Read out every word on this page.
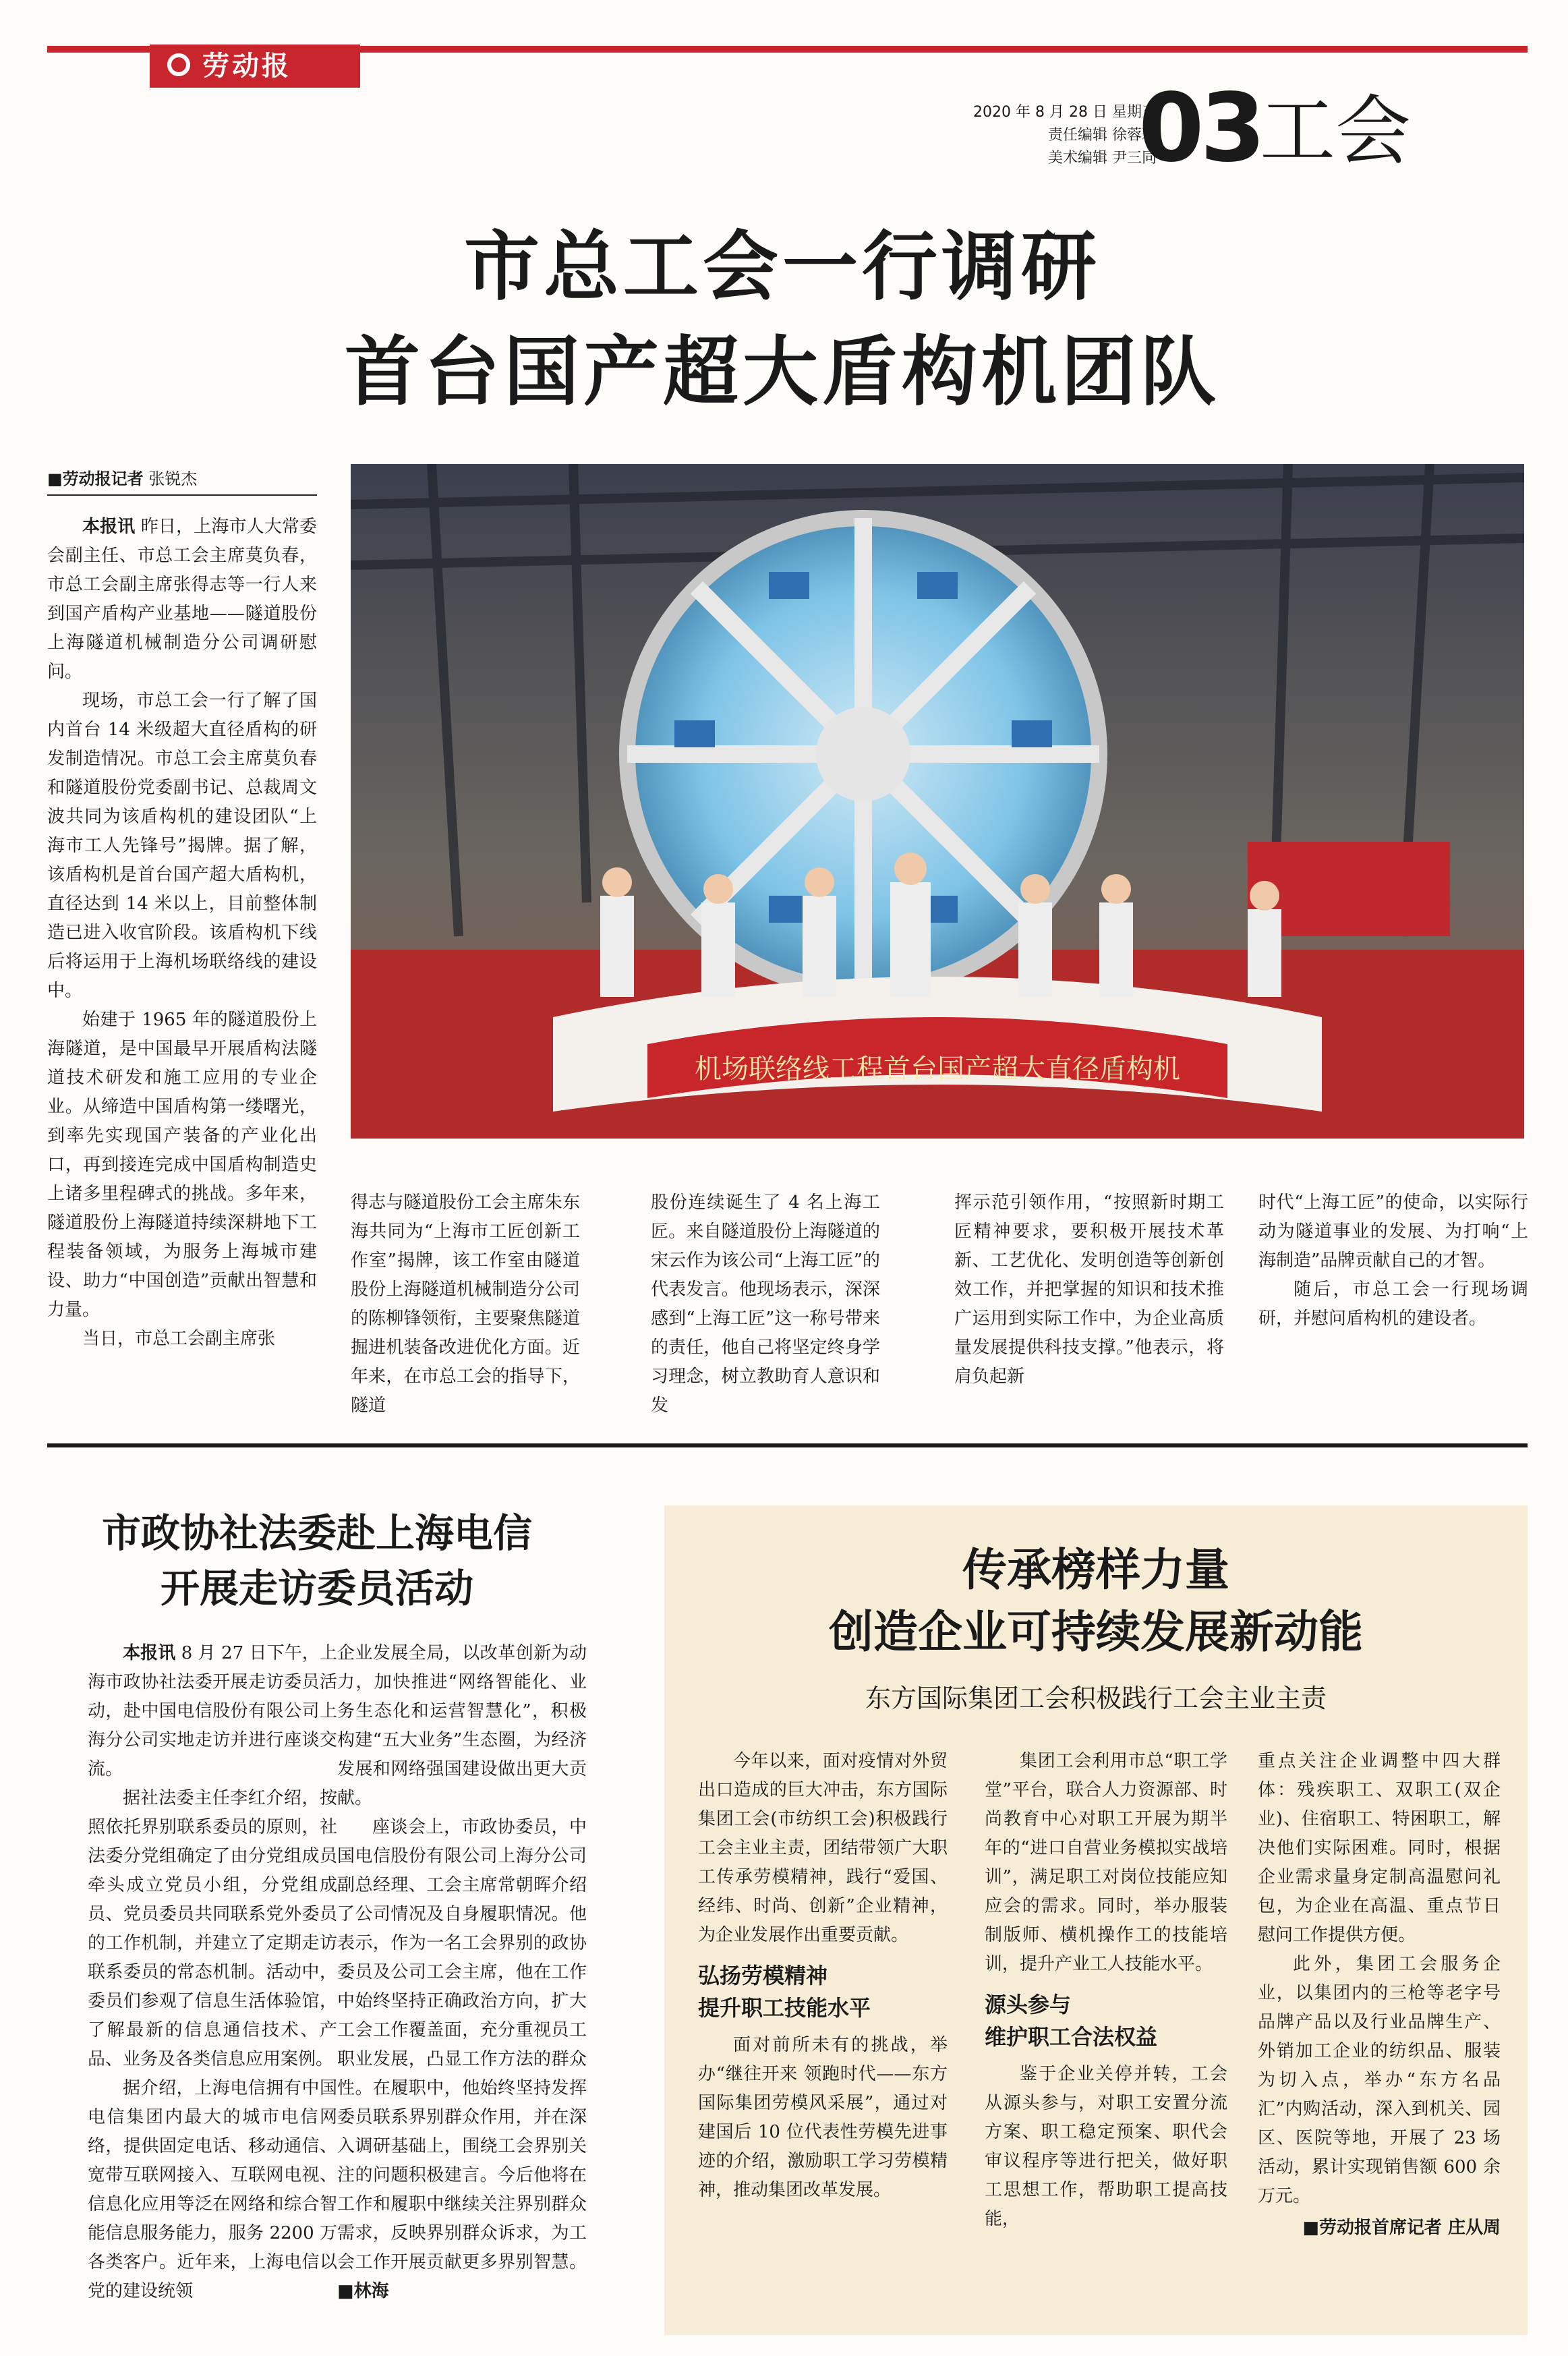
劳动报
2020 年 8 月 28 日 星期五
责任编辑 徐蓉莉
美术编辑 尹三同
03
工会
市总工会一行调研
首台国产超大盾构机团队
■劳动报记者 张锐杰

本报讯 昨日，上海市人大常委会副主任、市总工会主席莫负春，市总工会副主席张得志等一行人来到国产盾构产业基地——隧道股份上海隧道机械制造分公司调研慰问。

现场，市总工会一行了解了国内首台 14 米级超大直径盾构的研发制造情况。市总工会主席莫负春和隧道股份党委副书记、总裁周文波共同为该盾构机的建设团队“上海市工人先锋号”揭牌。据了解，该盾构机是首台国产超大盾构机，直径达到 14 米以上，目前整体制造已进入收官阶段。该盾构机下线后将运用于上海机场联络线的建设中。

始建于 1965 年的隧道股份上海隧道，是中国最早开展盾构法隧道技术研发和施工应用的专业企业。从缔造中国盾构第一缕曙光，到率先实现国产装备的产业化出口，再到接连完成中国盾构制造史上诸多里程碑式的挑战。多年来，隧道股份上海隧道持续深耕地下工程装备领域，为服务上海城市建设、助力“中国创造”贡献出智慧和力量。

当日，市总工会副主席张

机场联络线工程首台国产超大直径盾构机

得志与隧道股份工会主席朱东海共同为“上海市工匠创新工作室”揭牌，该工作室由隧道股份上海隧道机械制造分公司的陈柳锋领衔，主要聚焦隧道掘进机装备改进优化方面。近年来，在市总工会的指导下，隧道

股份连续诞生了 4 名上海工匠。来自隧道股份上海隧道的宋云作为该公司“上海工匠”的代表发言。他现场表示，深深感到“上海工匠”这一称号带来的责任，他自己将坚定终身学习理念，树立教助育人意识和发

挥示范引领作用，“按照新时期工匠精神要求，要积极开展技术革新、工艺优化、发明创造等创新创效工作，并把掌握的知识和技术推广运用到实际工作中，为企业高质量发展提供科技支撑。”他表示，将肩负起新

时代“上海工匠”的使命，以实际行动为隧道事业的发展、为打响“上海制造”品牌贡献自己的才智。

随后，市总工会一行现场调研，并慰问盾构机的建设者。

市政协社法委赴上海电信
开展走访委员活动

本报讯 8 月 27 日下午，上海市政协社法委开展走访委员活动，赴中国电信股份有限公司上海分公司实地走访并进行座谈交流。

据社法委主任李红介绍，按照依托界别联系委员的原则，社法委分党组确定了由分党组成员牵头成立党员小组，分党组成员、党员委员共同联系党外委员的工作机制，并建立了定期走访联系委员的常态机制。活动中，委员们参观了信息生活体验馆，了解最新的信息通信技术、产品、业务及各类信息应用案例。

据介绍，上海电信拥有中国电信集团内最大的城市电信网络，提供固定电话、移动通信、宽带互联网接入、互联网电视、信息化应用等泛在网络和综合智能信息服务能力，服务 2200 万各类客户。近年来，上海电信以党的建设统领

企业发展全局，以改革创新为动力，加快推进“网络智能化、业务生态化和运营智慧化”，积极构建“五大业务”生态圈，为经济发展和网络强国建设做出更大贡献。

座谈会上，市政协委员，中国电信股份有限公司上海分公司副总经理、工会主席常朝晖介绍了公司情况及自身履职情况。他表示，作为一名工会界别的政协委员及公司工会主席，他在工作中始终坚持正确政治方向，扩大工会工作覆盖面，充分重视员工职业发展，凸显工作方法的群众性。在履职中，他始终坚持发挥委员联系界别群众作用，并在深入调研基础上，围绕工会界别关注的问题积极建言。今后他将在工作和履职中继续关注界别群众需求，反映界别群众诉求，为工会工作开展贡献更多界别智慧。■林海

传承榜样力量
创造企业可持续发展新动能
东方国际集团工会积极践行工会主业主责

今年以来，面对疫情对外贸出口造成的巨大冲击，东方国际集团工会(市纺织工会)积极践行工会主业主责，团结带领广大职工传承劳模精神，践行“爱国、经纬、时尚、创新”企业精神，为企业发展作出重要贡献。

弘扬劳模精神
提升职工技能水平

面对前所未有的挑战，举办“继往开来 领跑时代——东方国际集团劳模风采展”，通过对建国后 10 位代表性劳模先进事迹的介绍，激励职工学习劳模精神，推动集团改革发展。

集团工会利用市总“职工学堂”平台，联合人力资源部、时尚教育中心对职工开展为期半年的“进口自营业务模拟实战培训”，满足职工对岗位技能应知应会的需求。同时，举办服装制版师、横机操作工的技能培训，提升产业工人技能水平。

源头参与
维护职工合法权益

鉴于企业关停并转，工会从源头参与，对职工安置分流方案、职工稳定预案、职代会审议程序等进行把关，做好职工思想工作，帮助职工提高技能，

重点关注企业调整中四大群体：残疾职工、双职工(双企业)、住宿职工、特困职工，解决他们实际困难。同时，根据企业需求量身定制高温慰问礼包，为企业在高温、重点节日慰问工作提供方便。

此外，集团工会服务企业，以集团内的三枪等老字号品牌产品以及行业品牌生产、外销加工企业的纺织品、服装为切入点，举办“东方名品汇”内购活动，深入到机关、园区、医院等地，开展了 23 场活动，累计实现销售额 600 余万元。

■劳动报首席记者 庄从周
